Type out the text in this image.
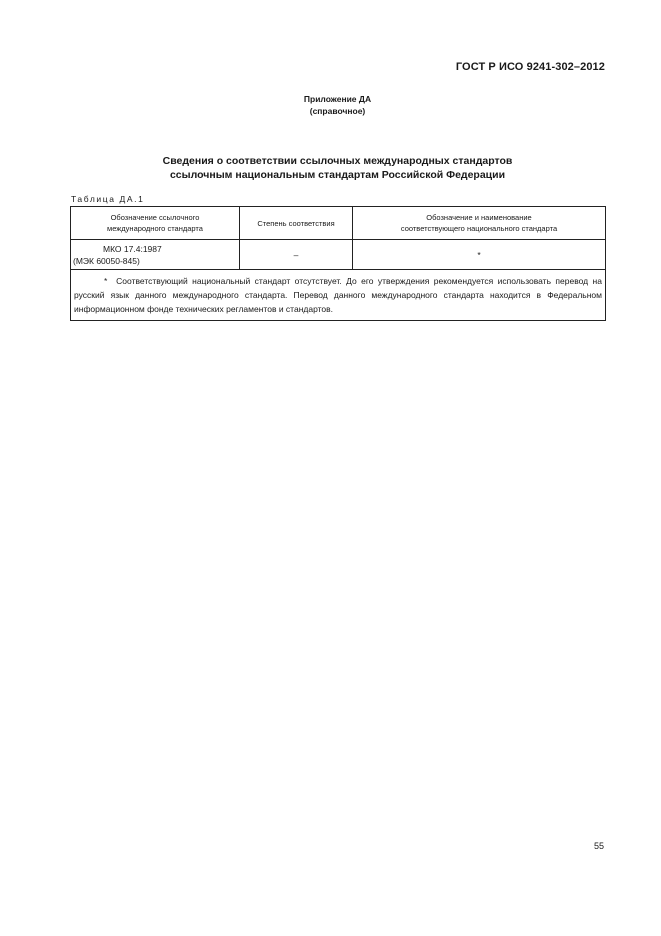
ГОСТ Р ИСО 9241-302–2012
Приложение ДА
(справочное)
Сведения о соответствии ссылочных международных стандартов
ссылочным национальным стандартам Российской Федерации
Таблица ДА.1
Обозначение ссылочного
международного стандарта	Степень соответствия	Обозначение и наименование
соответствующего национального стандарта

МКО 17.4:1987
(МЭК 60050-845)	–	*
* Соответствующий национальный стандарт отсутствует. До его утверждения рекомендуется использовать перевод на русский язык данного международного стандарта. Перевод данного международного стандарта находится в Федеральном информационном фонде технических регламентов и стандартов.		
55
